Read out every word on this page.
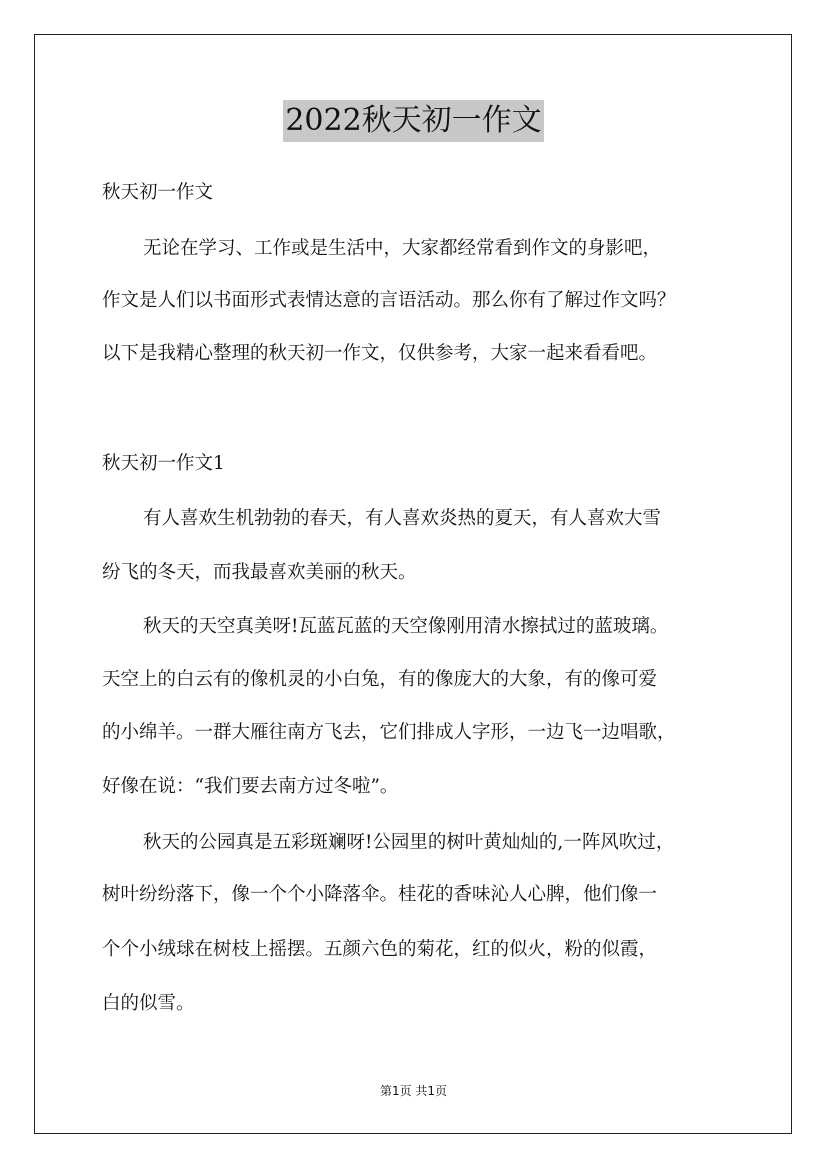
2022秋天初一作文
秋天初一作文
无论在学习、工作或是生活中，大家都经常看到作文的身影吧，
作文是人们以书面形式表情达意的言语活动。那么你有了解过作文吗？
以下是我精心整理的秋天初一作文，仅供参考，大家一起来看看吧。
秋天初一作文1
有人喜欢生机勃勃的春天，有人喜欢炎热的夏天，有人喜欢大雪
纷飞的冬天，而我最喜欢美丽的秋天。
秋天的天空真美呀!瓦蓝瓦蓝的天空像刚用清水擦拭过的蓝玻璃。
天空上的白云有的像机灵的小白兔，有的像庞大的大象，有的像可爱
的小绵羊。一群大雁往南方飞去，它们排成人字形，一边飞一边唱歌，
好像在说：“我们要去南方过冬啦”。
秋天的公园真是五彩斑斓呀!公园里的树叶黄灿灿的,一阵风吹过，
树叶纷纷落下，像一个个小降落伞。桂花的香味沁人心脾，他们像一
个个小绒球在树枝上摇摆。五颜六色的菊花，红的似火，粉的似霞，
白的似雪。
第1页 共1页
